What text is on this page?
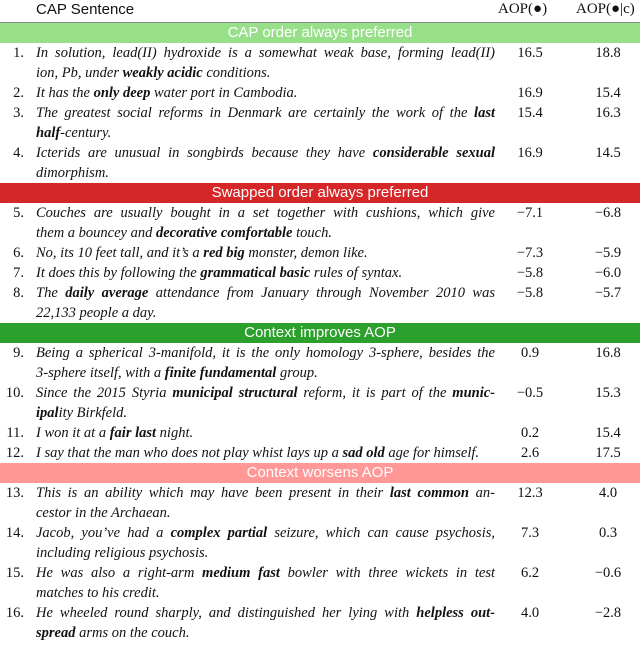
CAP Sentence	AOP(●) AOP(●|c)
CAP order always preferred
1. In solution, lead(II) hydroxide is a somewhat weak base, forming lead(II)
ion, Pb, under weakly acidic conditions.
16.5	18.8
2. It has the only deep water port in Cambodia.	16.9	15.4
3. The greatest social reforms in Denmark are certainly the work of the last
half-century.
15.4	16.3
4. Icterids are unusual in songbirds because they have considerable sexual
dimorphism.
16.9	14.5
Swapped order always preferred
5. Couches are usually bought in a set together with cushions, which give
them a bouncey and decorative comfortable touch.
−7.1	−6.8
6. No, its 10 feet tall, and it’s a red big monster, demon like.	−7.3	−5.9
7. It does this by following the grammatical basic rules of syntax.	−5.8	−6.0
8. The daily average attendance from January through November 2010 was
22,133 people a day.
−5.8	−5.7
Context improves AOP
9. Being a spherical 3-manifold, it is the only homology 3-sphere, besides the
3-sphere itself, with a finite fundamental group.
0.9	16.8
10. Since the 2015 Styria municipal structural reform, it is part of the munic-
ipality Birkfeld.
−0.5	15.3
11. I won it at a fair last night.	0.2	15.4
12. I say that the man who does not play whist lays up a sad old age for himself.	2.6	17.5
Context worsens AOP
13. This is an ability which may have been present in their last common an-
cestor in the Archaean.
12.3	4.0
14. Jacob, you’ve had a complex partial seizure, which can cause psychosis,
including religious psychosis.
7.3	0.3
15. He was also a right-arm medium fast bowler with three wickets in test
matches to his credit.
6.2	−0.6
16. He wheeled round sharply, and distinguished her lying with helpless out-
spread arms on the couch.
4.0	−2.8
